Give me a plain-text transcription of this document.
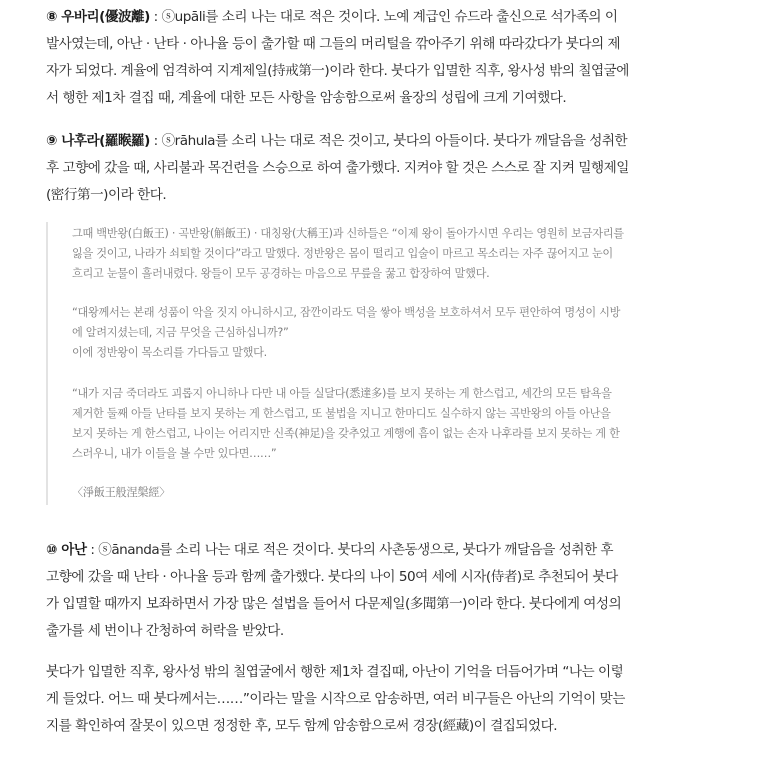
⑧ 우바리(優波離) : ⓢupāli를 소리 나는 대로 적은 것이다. 노예 계급인 슈드라 출신으로 석가족의 이
발사였는데, 아난 · 난타 · 아나율 등이 출가할 때 그들의 머리털을 깎아주기 위해 따라갔다가 붓다의 제
자가 되었다. 계율에 엄격하여 지계제일(持戒第一)이라 한다. 붓다가 입멸한 직후, 왕사성 밖의 칠엽굴에
서 행한 제1차 결집 때, 계율에 대한 모든 사항을 암송함으로써 율장의 성립에 크게 기여했다.
⑨ 나후라(羅睺羅) : ⓢrāhula를 소리 나는 대로 적은 것이고, 붓다의 아들이다. 붓다가 깨달음을 성취한
후 고향에 갔을 때, 사리불과 목건련을 스승으로 하여 출가했다. 지켜야 할 것은 스스로 잘 지켜 밀행제일
(密行第一)이라 한다.
그때 백반왕(白飯王) · 곡반왕(斛飯王) · 대칭왕(大稱王)과 신하들은 “이제 왕이 돌아가시면 우리는 영원히 보금자리를
잃을 것이고, 나라가 쇠퇴할 것이다”라고 말했다. 정반왕은 몸이 떨리고 입술이 마르고 목소리는 자주 끊어지고 눈이
흐리고 눈물이 흘러내렸다. 왕들이 모두 공경하는 마음으로 무릎을 꿇고 합장하여 말했다.
“대왕께서는 본래 성품이 악을 짓지 아니하시고, 잠깐이라도 덕을 쌓아 백성을 보호하셔서 모두 편안하여 명성이 시방
에 알려지셨는데, 지금 무엇을 근심하십니까?”
이에 정반왕이 목소리를 가다듬고 말했다.
“내가 지금 죽더라도 괴롭지 아니하나 다만 내 아들 실달다(悉達多)를 보지 못하는 게 한스럽고, 세간의 모든 탐욕을
제거한 둘째 아들 난타를 보지 못하는 게 한스럽고, 또 불법을 지니고 한마디도 실수하지 않는 곡반왕의 아들 아난을
보지 못하는 게 한스럽고, 나이는 어리지만 신족(神足)을 갖추었고 계행에 흠이 없는 손자 나후라를 보지 못하는 게 한
스러우니, 내가 이들을 볼 수만 있다면……”
〈淨飯王般涅槃經〉
⑩ 아난 : ⓢānanda를 소리 나는 대로 적은 것이다. 붓다의 사촌동생으로, 붓다가 깨달음을 성취한 후
고향에 갔을 때 난타 · 아나율 등과 함께 출가했다. 붓다의 나이 50여 세에 시자(侍者)로 추천되어 붓다
가 입멸할 때까지 보좌하면서 가장 많은 설법을 들어서 다문제일(多聞第一)이라 한다. 붓다에게 여성의
출가를 세 번이나 간청하여 허락을 받았다.
붓다가 입멸한 직후, 왕사성 밖의 칠엽굴에서 행한 제1차 결집때, 아난이 기억을 더듬어가며 “나는 이렇
게 들었다. 어느 때 붓다께서는……”이라는 말을 시작으로 암송하면, 여러 비구들은 아난의 기억이 맞는
지를 확인하여 잘못이 있으면 정정한 후, 모두 함께 암송함으로써 경장(經藏)이 결집되었다.
